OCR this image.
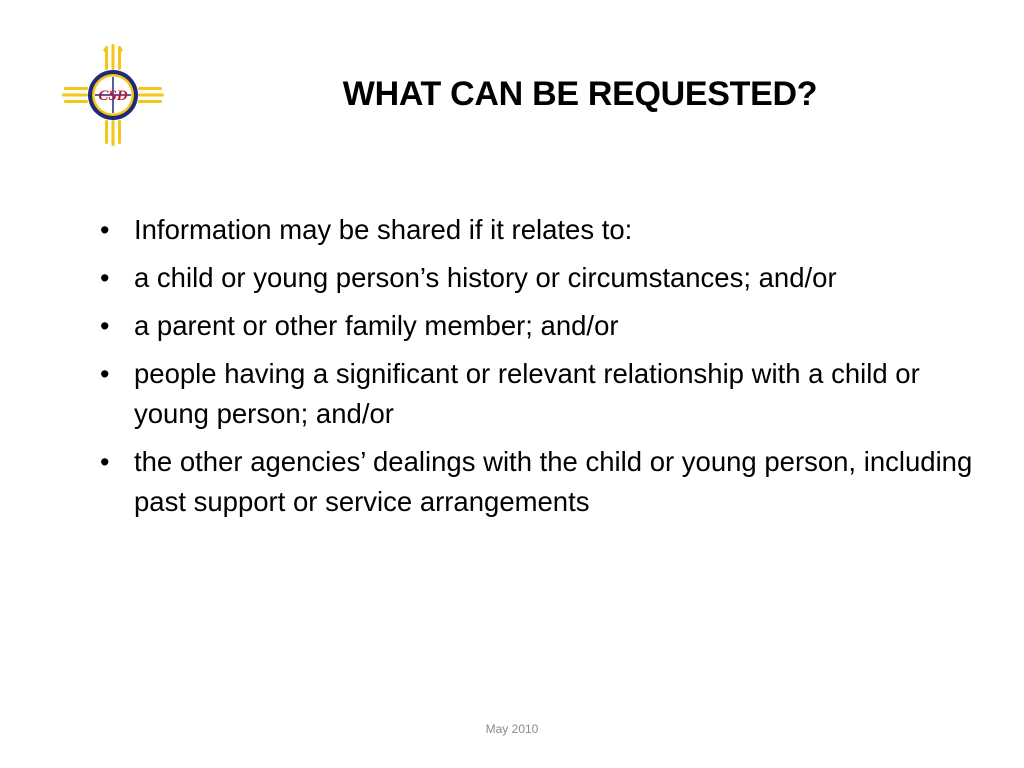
CSD	WHAT CAN BE REQUESTED?
• Information may be shared if it relates to:
• a child or young person’s history or circumstances; and/or
• a parent or other family member; and/or
• people having a significant or relevant relationship with a child or young person; and/or
• the other agencies’ dealings with the child or young person, including past support or service arrangements
May 2010
